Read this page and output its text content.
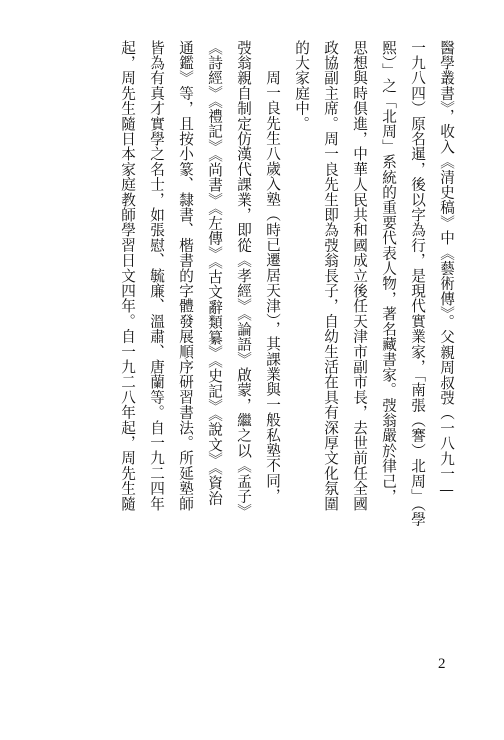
醫學叢書》，收入《清史稿》中《藝術傳》。父親周叔弢（一八九一—
一九八四）原名暹，後以字為行，是現代實業家，「南張（謇）北周」（學
熙）」之「北周」系統的重要代表人物，著名藏書家。弢翁嚴於律己，
思想與時俱進，中華人民共和國成立後任天津市副市長，去世前任全國
政協副主席。周一良先生即為弢翁長子，自幼生活在具有深厚文化氛圍
的大家庭中。
周一良先生八歲入塾（時已遷居天津），其課業與一般私塾不同，
弢翁親自制定仿漢代課業，即從《孝經》《論語》啟蒙，繼之以《孟子》
《詩經》《禮記》《尚書》《左傳》《古文辭類纂》《史記》《說文》《資治
通鑑》等，且按小篆、隸書、楷書的字體發展順序研習書法。所延塾師
皆為有真才實學之名士，如張慰、毓廉、溫肅、唐蘭等。自一九二四年
起，周先生隨日本家庭教師學習日文四年。自一九二八年起，周先生隨
2
